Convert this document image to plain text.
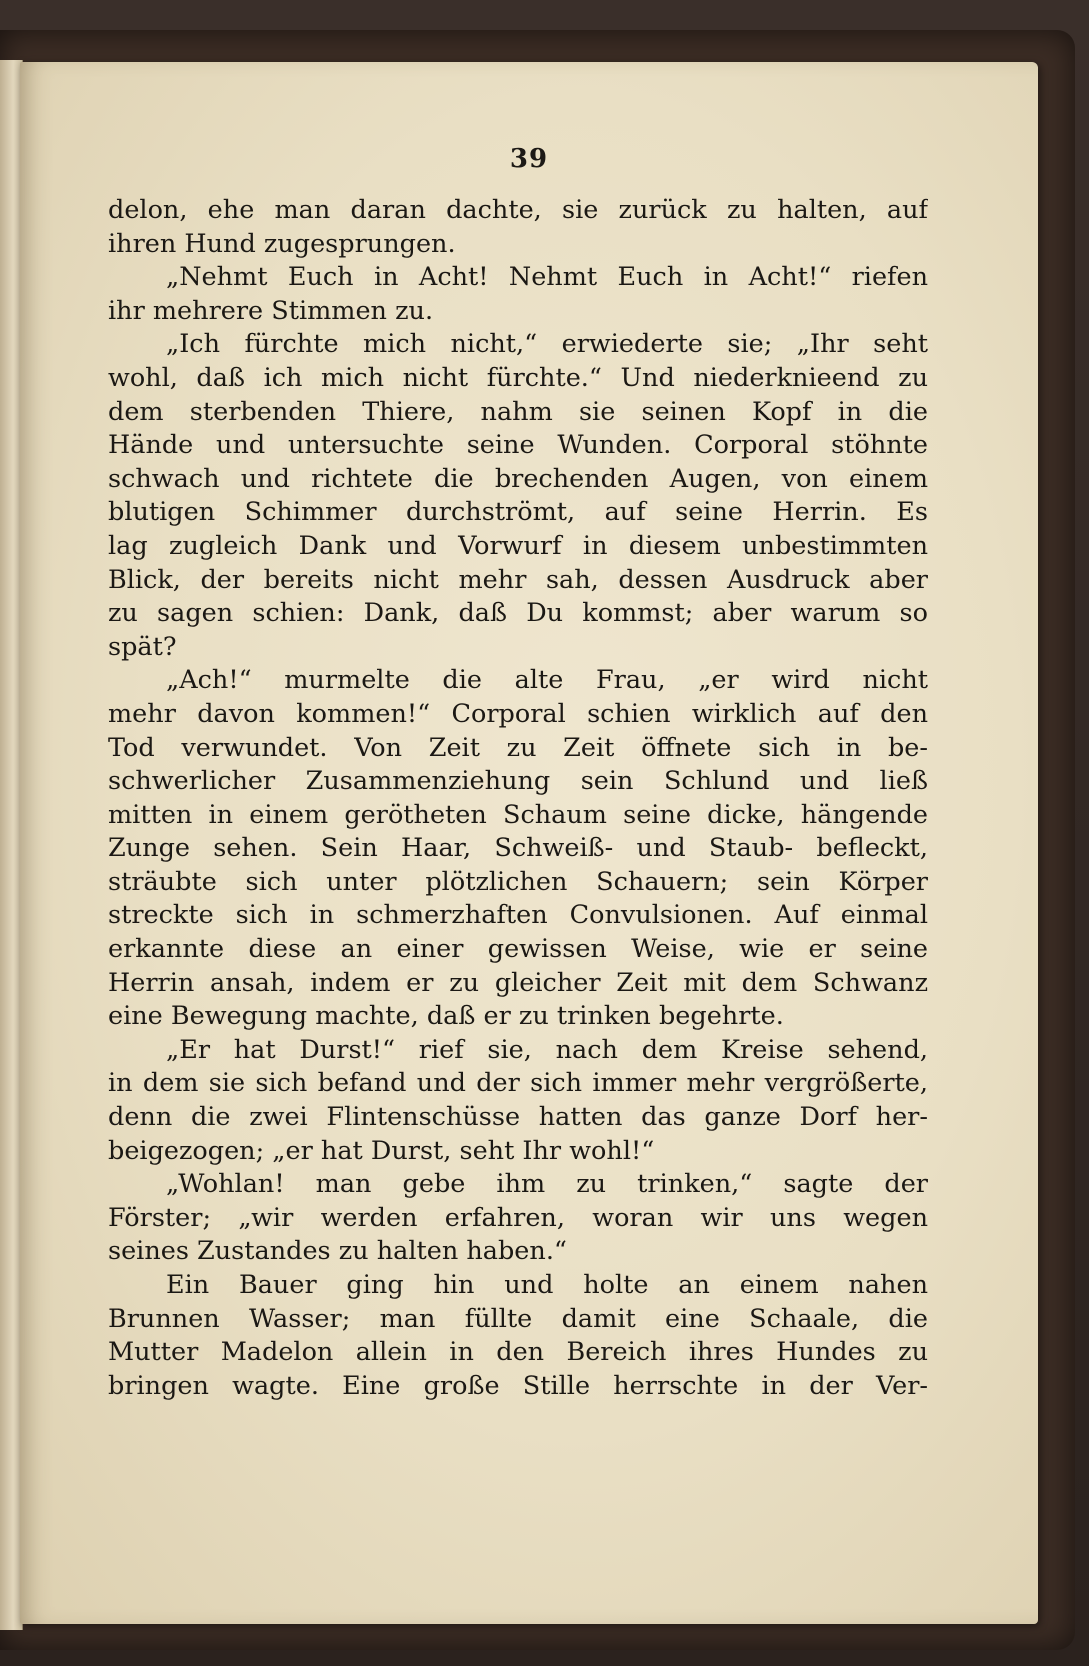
39
delon, ehe man daran dachte, sie zurück zu halten, auf
ihren Hund zugesprungen.
„Nehmt Euch in Acht! Nehmt Euch in Acht!“ riefen
ihr mehrere Stimmen zu.
„Ich fürchte mich nicht,“ erwiederte sie; „Ihr seht
wohl, daß ich mich nicht fürchte.“ Und niederknieend zu
dem sterbenden Thiere, nahm sie seinen Kopf in die
Hände und untersuchte seine Wunden. Corporal stöhnte
schwach und richtete die brechenden Augen, von einem
blutigen Schimmer durchströmt, auf seine Herrin. Es
lag zugleich Dank und Vorwurf in diesem unbestimmten
Blick, der bereits nicht mehr sah, dessen Ausdruck aber
zu sagen schien: Dank, daß Du kommst; aber warum so
spät?
„Ach!“ murmelte die alte Frau, „er wird nicht
mehr davon kommen!“ Corporal schien wirklich auf den
Tod verwundet. Von Zeit zu Zeit öffnete sich in be-
schwerlicher Zusammenziehung sein Schlund und ließ
mitten in einem gerötheten Schaum seine dicke, hängende
Zunge sehen. Sein Haar, Schweiß- und Staub- befleckt,
sträubte sich unter plötzlichen Schauern; sein Körper
streckte sich in schmerzhaften Convulsionen. Auf einmal
erkannte diese an einer gewissen Weise, wie er seine
Herrin ansah, indem er zu gleicher Zeit mit dem Schwanz
eine Bewegung machte, daß er zu trinken begehrte.
„Er hat Durst!“ rief sie, nach dem Kreise sehend,
in dem sie sich befand und der sich immer mehr vergrößerte,
denn die zwei Flintenschüsse hatten das ganze Dorf her-
beigezogen; „er hat Durst, seht Ihr wohl!“
„Wohlan! man gebe ihm zu trinken,“ sagte der
Förster; „wir werden erfahren, woran wir uns wegen
seines Zustandes zu halten haben.“
Ein Bauer ging hin und holte an einem nahen
Brunnen Wasser; man füllte damit eine Schaale, die
Mutter Madelon allein in den Bereich ihres Hundes zu
bringen wagte. Eine große Stille herrschte in der Ver-
